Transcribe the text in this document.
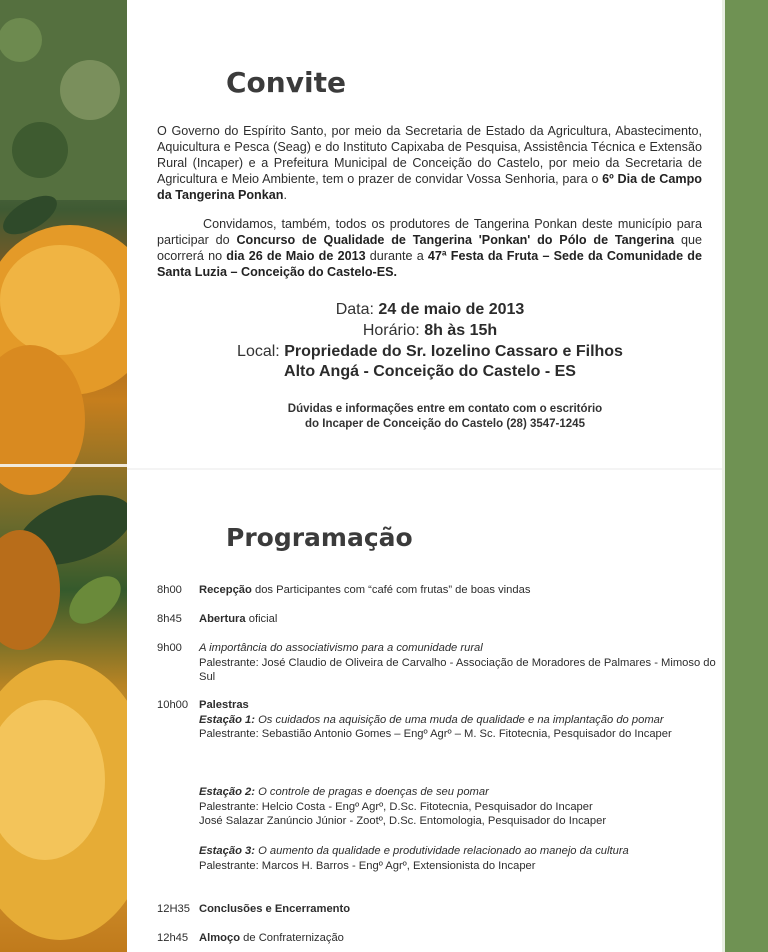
Convite
O Governo do Espírito Santo, por meio da Secretaria de Estado da Agricultura, Abastecimento, Aquicultura e Pesca (Seag) e do Instituto Capixaba de Pesquisa, Assistência Técnica e Extensão Rural (Incaper) e a Prefeitura Municipal de Conceição do Castelo, por meio da Secretaria de Agricultura e Meio Ambiente, tem o prazer de convidar Vossa Senhoria, para o 6º Dia de Campo da Tangerina Ponkan.
Convidamos, também, todos os produtores de Tangerina Ponkan deste município para participar do Concurso de Qualidade de Tangerina 'Ponkan' do Pólo de Tangerina que ocorrerá no dia 26 de Maio de 2013 durante a 47ª Festa da Fruta – Sede da Comunidade de Santa Luzia – Conceição do Castelo-ES.
Data: 24 de maio de 2013
Horário: 8h às 15h
Local: Propriedade do Sr. Iozelino Cassaro e Filhos
Alto Angá - Conceição do Castelo - ES
Dúvidas e informações entre em contato com o escritório
do Incaper de Conceição do Castelo (28) 3547-1245
Programação
8h00 Recepção dos Participantes com “café com frutas” de boas vindas
8h45 Abertura oficial
9h00 A importância do associativismo para a comunidade rural
Palestrante: José Claudio de Oliveira de Carvalho - Associação de Moradores de Palmares - Mimoso do Sul
10h00 Palestras
Estação 1: Os cuidados na aquisição de uma muda de qualidade e na implantação do pomar
Palestrante: Sebastião Antonio Gomes – Engº Agrº – M. Sc. Fitotecnia, Pesquisador do Incaper
Estação 2: O controle de pragas e doenças de seu pomar
Palestrante: Helcio Costa - Engº Agrº, D.Sc. Fitotecnia, Pesquisador do Incaper
José Salazar Zanúncio Júnior - Zootº, D.Sc. Entomologia, Pesquisador do Incaper
Estação 3: O aumento da qualidade e produtividade relacionado ao manejo da cultura
Palestrante: Marcos H. Barros - Engº Agrº, Extensionista do Incaper
12H35 Conclusões e Encerramento
12h45 Almoço de Confraternização
